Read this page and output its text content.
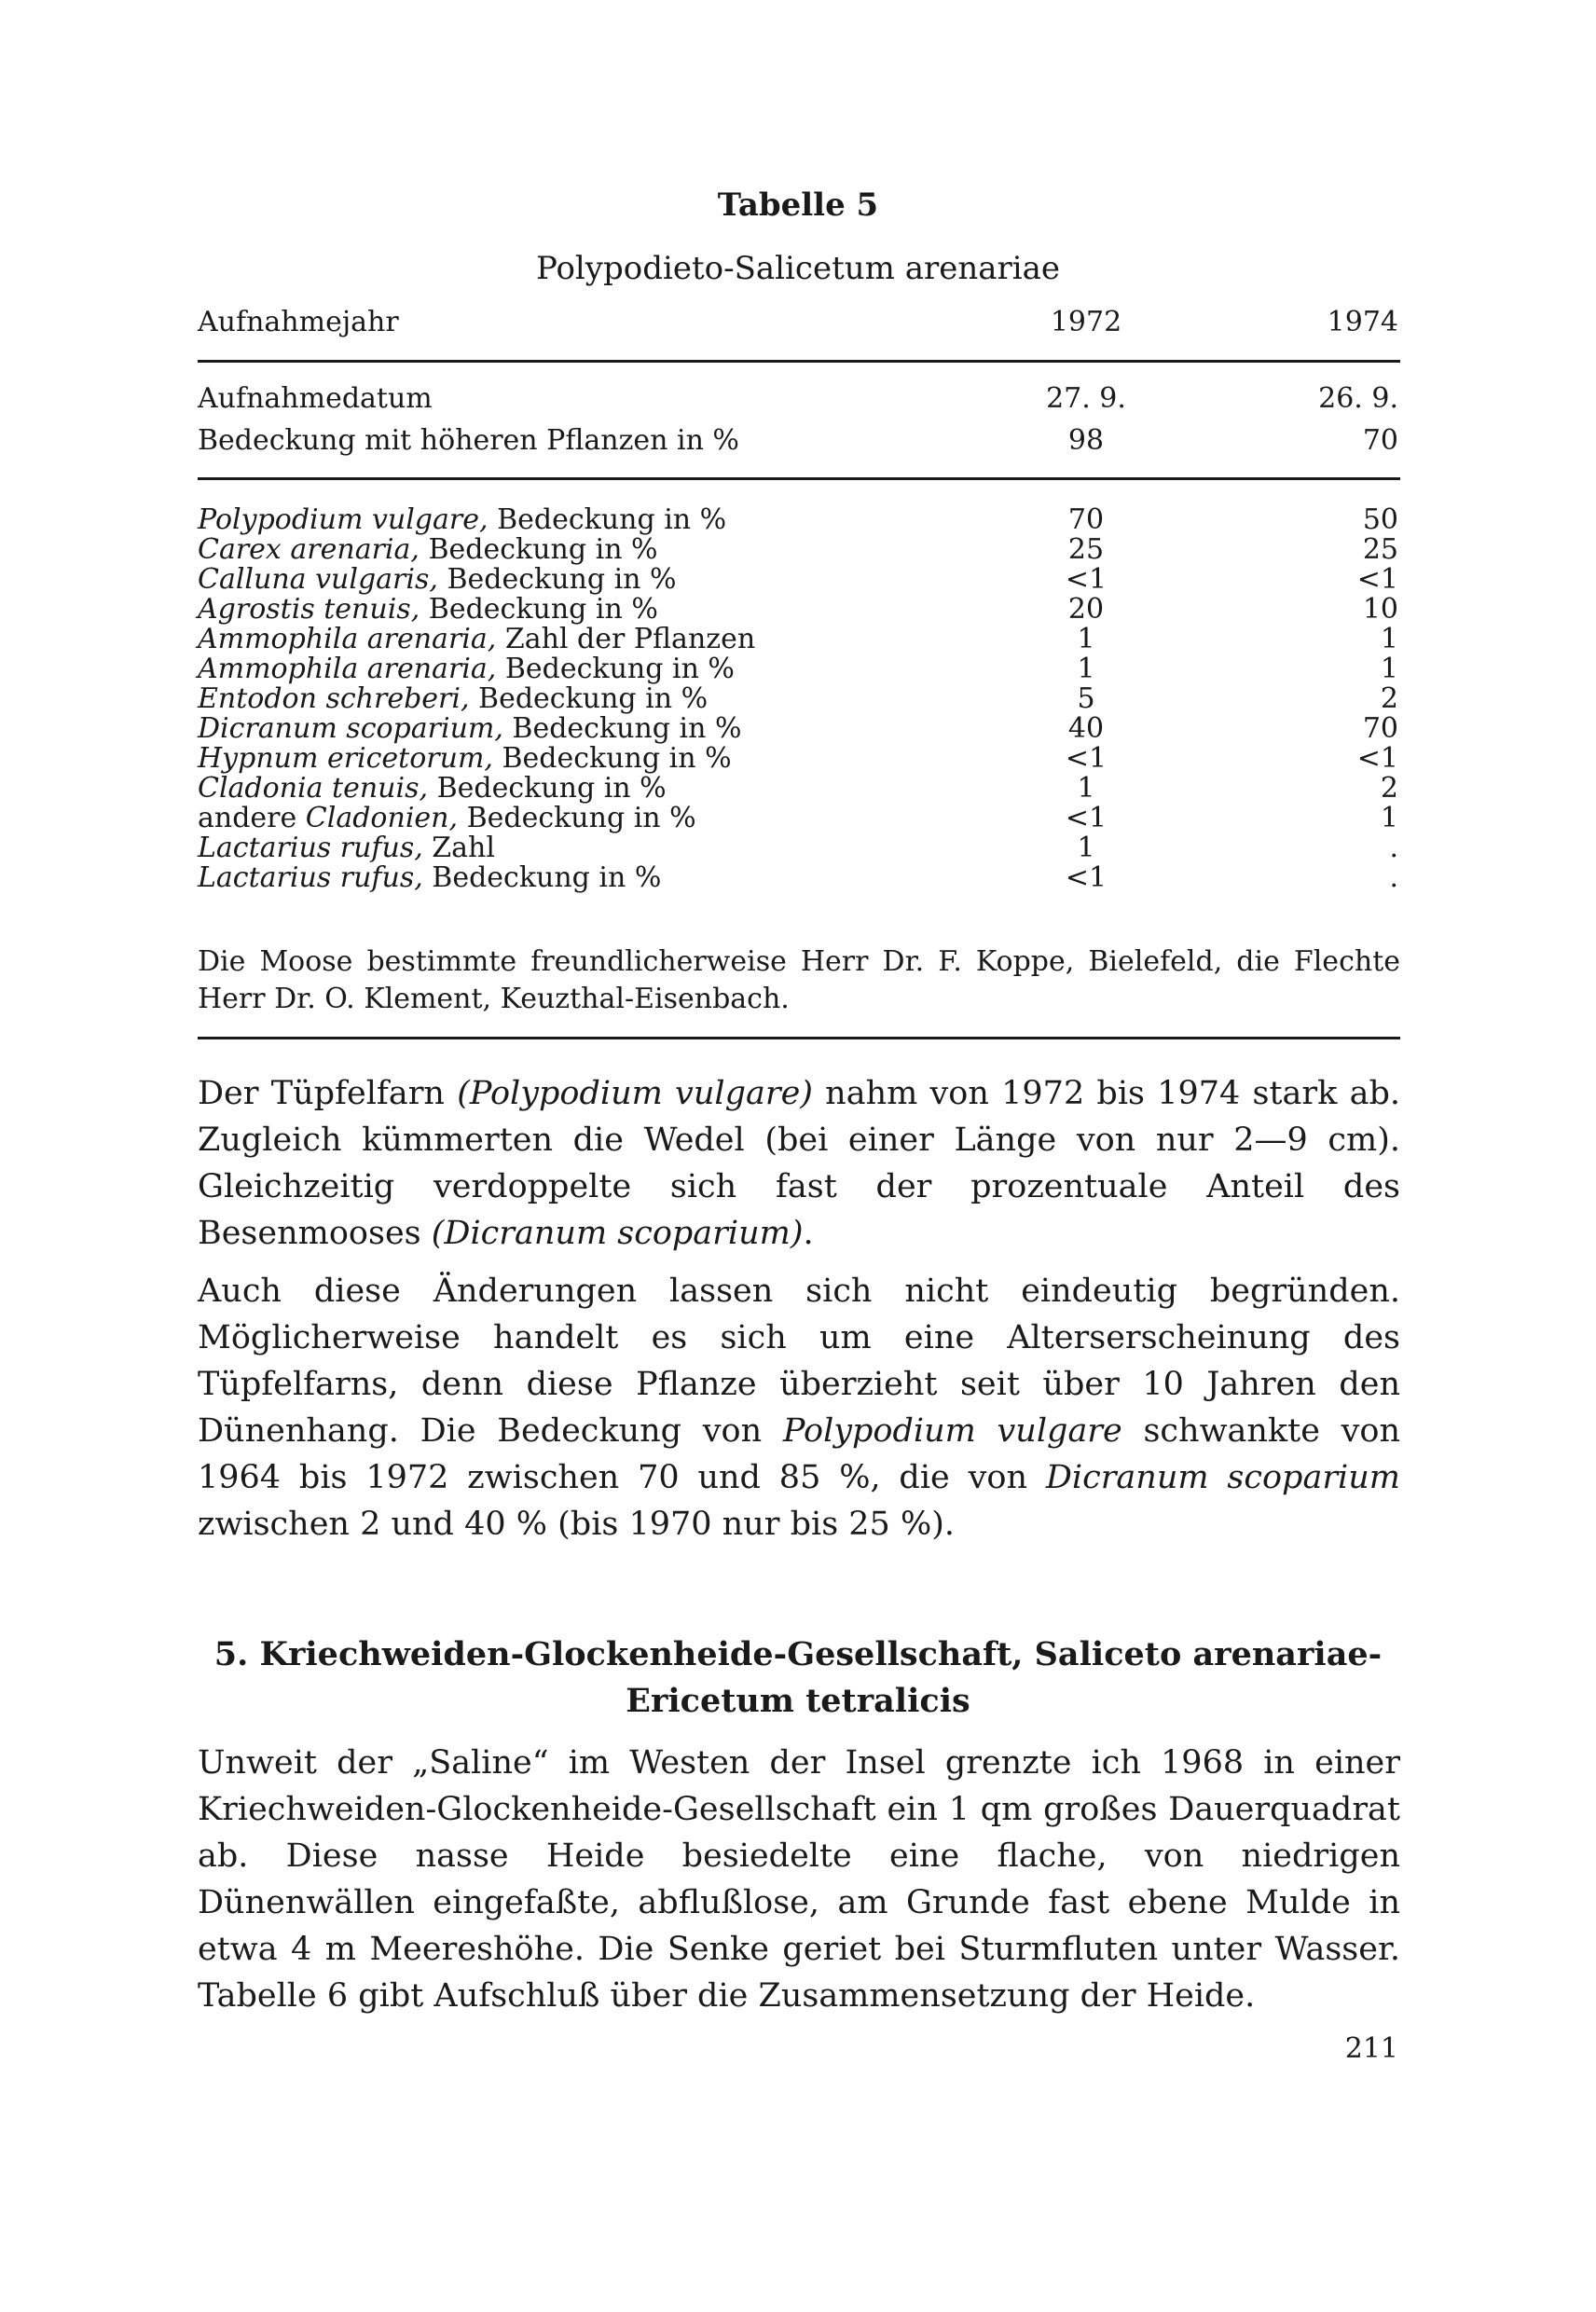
Tabelle 5
Polypodieto-Salicetum arenariae
Aufnahmejahr	1972	1974
Aufnahmedatum	27. 9.	26. 9.
Bedeckung mit höheren Pflanzen in %	98	70
Polypodium vulgare, Bedeckung in %	70	50
Carex arenaria, Bedeckung in %	25	25
Calluna vulgaris, Bedeckung in %	<1	<1
Agrostis tenuis, Bedeckung in %	20	10
Ammophila arenaria, Zahl der Pflanzen	1	1
Ammophila arenaria, Bedeckung in %	1	1
Entodon schreberi, Bedeckung in %	5	2
Dicranum scoparium, Bedeckung in %	40	70
Hypnum ericetorum, Bedeckung in %	<1	<1
Cladonia tenuis, Bedeckung in %	1	2
andere Cladonien, Bedeckung in %	<1	1
Lactarius rufus, Zahl	1	.
Lactarius rufus, Bedeckung in %	<1	.
Die Moose bestimmte freundlicherweise Herr Dr. F. Koppe, Bielefeld, die Flechte Herr Dr. O. Klement, Keuzthal-Eisenbach.
Der Tüpfelfarn (Polypodium vulgare) nahm von 1972 bis 1974 stark ab. Zugleich kümmerten die Wedel (bei einer Länge von nur 2—9 cm). Gleichzeitig verdoppelte sich fast der prozentuale Anteil des Besenmooses (Dicranum scoparium).
Auch diese Änderungen lassen sich nicht eindeutig begründen. Möglicherweise handelt es sich um eine Alterserscheinung des Tüpfelfarns, denn diese Pflanze überzieht seit über 10 Jahren den Dünenhang. Die Bedeckung von Polypodium vulgare schwankte von 1964 bis 1972 zwischen 70 und 85 %, die von Dicranum scoparium zwischen 2 und 40 % (bis 1970 nur bis 25 %).
5. Kriechweiden-Glockenheide-Gesellschaft, Saliceto arenariae-
Ericetum tetralicis
Unweit der „Saline“ im Westen der Insel grenzte ich 1968 in einer Kriechweiden-Glockenheide-Gesellschaft ein 1 qm großes Dauerquadrat ab. Diese nasse Heide besiedelte eine flache, von niedrigen Dünenwällen eingefaßte, abflußlose, am Grunde fast ebene Mulde in etwa 4 m Meereshöhe. Die Senke geriet bei Sturmfluten unter Wasser. Tabelle 6 gibt Aufschluß über die Zusammensetzung der Heide.
211
